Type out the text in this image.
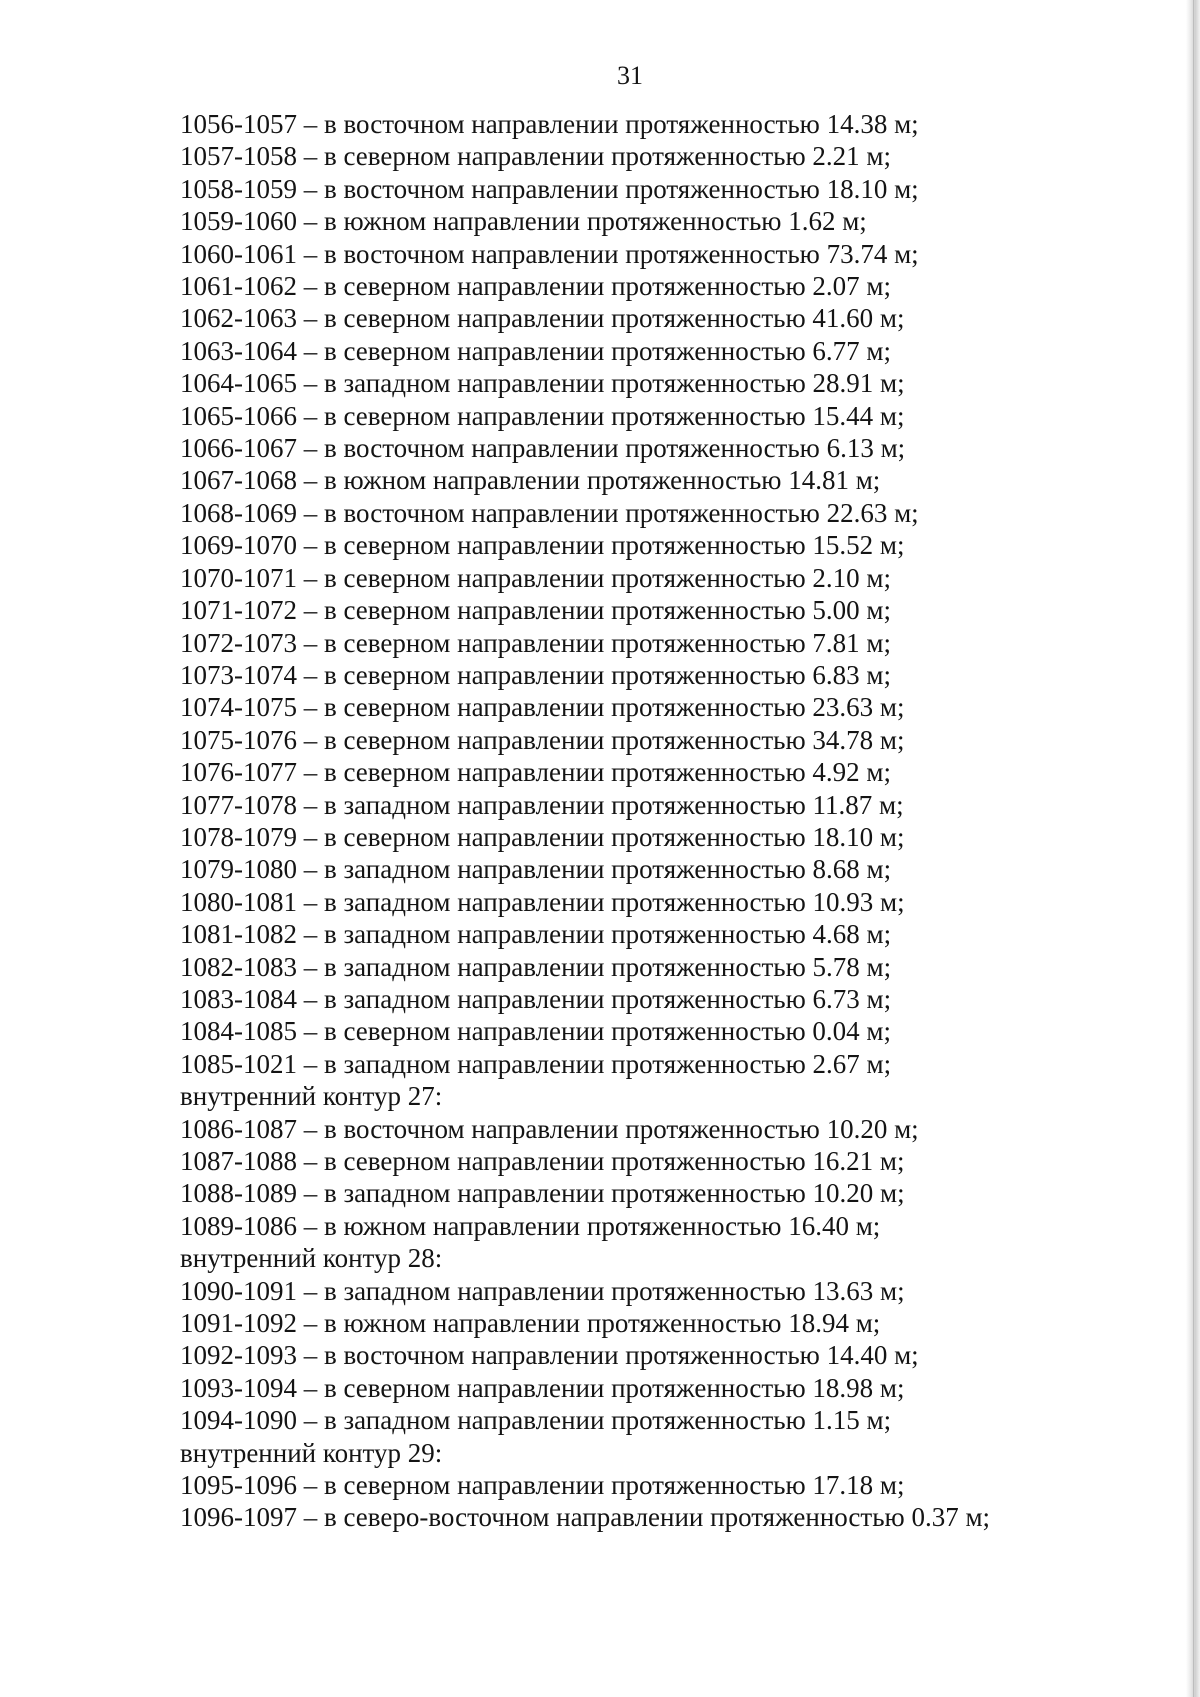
31
1056-1057 – в восточном направлении протяженностью 14.38 м;
1057-1058 – в северном направлении протяженностью 2.21 м;
1058-1059 – в восточном направлении протяженностью 18.10 м;
1059-1060 – в южном направлении протяженностью 1.62 м;
1060-1061 – в восточном направлении протяженностью 73.74 м;
1061-1062 – в северном направлении протяженностью 2.07 м;
1062-1063 – в северном направлении протяженностью 41.60 м;
1063-1064 – в северном направлении протяженностью 6.77 м;
1064-1065 – в западном направлении протяженностью 28.91 м;
1065-1066 – в северном направлении протяженностью 15.44 м;
1066-1067 – в восточном направлении протяженностью 6.13 м;
1067-1068 – в южном направлении протяженностью 14.81 м;
1068-1069 – в восточном направлении протяженностью 22.63 м;
1069-1070 – в северном направлении протяженностью 15.52 м;
1070-1071 – в северном направлении протяженностью 2.10 м;
1071-1072 – в северном направлении протяженностью 5.00 м;
1072-1073 – в северном направлении протяженностью 7.81 м;
1073-1074 – в северном направлении протяженностью 6.83 м;
1074-1075 – в северном направлении протяженностью 23.63 м;
1075-1076 – в северном направлении протяженностью 34.78 м;
1076-1077 – в северном направлении протяженностью 4.92 м;
1077-1078 – в западном направлении протяженностью 11.87 м;
1078-1079 – в северном направлении протяженностью 18.10 м;
1079-1080 – в западном направлении протяженностью 8.68 м;
1080-1081 – в западном направлении протяженностью 10.93 м;
1081-1082 – в западном направлении протяженностью 4.68 м;
1082-1083 – в западном направлении протяженностью 5.78 м;
1083-1084 – в западном направлении протяженностью 6.73 м;
1084-1085 – в северном направлении протяженностью 0.04 м;
1085-1021 – в западном направлении протяженностью 2.67 м;
внутренний контур 27:
1086-1087 – в восточном направлении протяженностью 10.20 м;
1087-1088 – в северном направлении протяженностью 16.21 м;
1088-1089 – в западном направлении протяженностью 10.20 м;
1089-1086 – в южном направлении протяженностью 16.40 м;
внутренний контур 28:
1090-1091 – в западном направлении протяженностью 13.63 м;
1091-1092 – в южном направлении протяженностью 18.94 м;
1092-1093 – в восточном направлении протяженностью 14.40 м;
1093-1094 – в северном направлении протяженностью 18.98 м;
1094-1090 – в западном направлении протяженностью 1.15 м;
внутренний контур 29:
1095-1096 – в северном направлении протяженностью 17.18 м;
1096-1097 – в северо-восточном направлении протяженностью 0.37 м;
